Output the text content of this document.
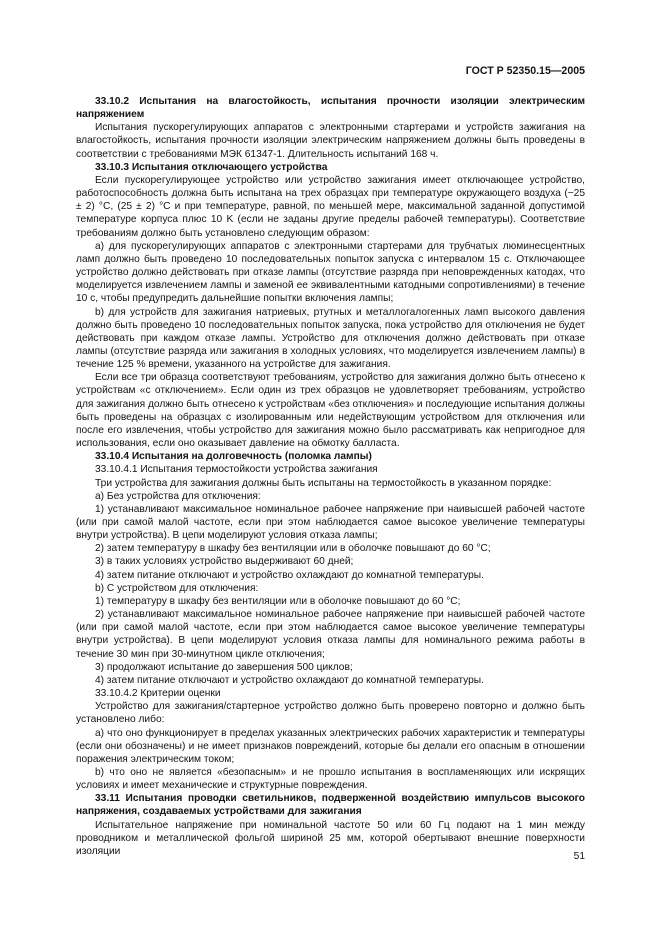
ГОСТ Р 52350.15—2005

33.10.2 Испытания на влагостойкость, испытания прочности изоляции электрическим напряжением

Испытания пускорегулирующих аппаратов с электронными стартерами и устройств зажигания на влагостойкость, испытания прочности изоляции электрическим напряжением должны быть проведены в соответствии с требованиями МЭК 61347-1. Длительность испытаний 168 ч.

33.10.3 Испытания отключающего устройства

Если пускорегулирующее устройство или устройство зажигания имеет отключающее устройство, работоспособность должна быть испытана на трех образцах при температуре окружающего воздуха (−25 ± 2) °C, (25 ± 2) °C и при температуре, равной, по меньшей мере, максимальной заданной допустимой температуре корпуса плюс 10 K (если не заданы другие пределы рабочей температуры). Соответствие требованиям должно быть установлено следующим образом:

a) для пускорегулирующих аппаратов с электронными стартерами для трубчатых люминесцентных ламп должно быть проведено 10 последовательных попыток запуска с интервалом 15 с. Отключающее устройство должно действовать при отказе лампы (отсутствие разряда при неповрежденных катодах, что моделируется извлечением лампы и заменой ее эквивалентными катодными сопротивлениями) в течение 10 с, чтобы предупредить дальнейшие попытки включения лампы;

b) для устройств для зажигания натриевых, ртутных и металлогалогенных ламп высокого давления должно быть проведено 10 последовательных попыток запуска, пока устройство для отключения не будет действовать при каждом отказе лампы. Устройство для отключения должно действовать при отказе лампы (отсутствие разряда или зажигания в холодных условиях, что моделируется извлечением лампы) в течение 125 % времени, указанного на устройстве для зажигания.

Если все три образца соответствуют требованиям, устройство для зажигания должно быть отнесено к устройствам «с отключением». Если один из трех образцов не удовлетворяет требованиям, устройство для зажигания должно быть отнесено к устройствам «без отключения» и последующие испытания должны быть проведены на образцах с изолированным или недействующим устройством для отключения или после его извлечения, чтобы устройство для зажигания можно было рассматривать как непригодное для использования, если оно оказывает давление на обмотку балласта.

33.10.4 Испытания на долговечность (поломка лампы)

33.10.4.1 Испытания термостойкости устройства зажигания

Три устройства для зажигания должны быть испытаны на термостойкость в указанном порядке:

а) Без устройства для отключения:

1) устанавливают максимальное номинальное рабочее напряжение при наивысшей рабочей частоте (или при самой малой частоте, если при этом наблюдается самое высокое увеличение температуры внутри устройства). В цепи моделируют условия отказа лампы;

2) затем температуру в шкафу без вентиляции или в оболочке повышают до 60 °C;

3) в таких условиях устройство выдерживают 60 дней;

4) затем питание отключают и устройство охлаждают до комнатной температуры.

b) С устройством для отключения:

1) температуру в шкафу без вентиляции или в оболочке повышают до 60 °C;

2) устанавливают максимальное номинальное рабочее напряжение при наивысшей рабочей частоте (или при самой малой частоте, если при этом наблюдается самое высокое увеличение температуры внутри устройства). В цепи моделируют условия отказа лампы для номинального режима работы в течение 30 мин при 30-минутном цикле отключения;

3) продолжают испытание до завершения 500 циклов;

4) затем питание отключают и устройство охлаждают до комнатной температуры.

33.10.4.2 Критерии оценки

Устройство для зажигания/стартерное устройство должно быть проверено повторно и должно быть установлено либо:

a) что оно функционирует в пределах указанных электрических рабочих характеристик и температуры (если они обозначены) и не имеет признаков повреждений, которые бы делали его опасным в отношении поражения электрическим током;

b) что оно не является «безопасным» и не прошло испытания в воспламеняющих или искрящих условиях и имеет механические и структурные повреждения.

33.11 Испытания проводки светильников, подверженной воздействию импульсов высокого напряжения, создаваемых устройствами для зажигания

Испытательное напряжение при номинальной частоте 50 или 60 Гц подают на 1 мин между проводником и металлической фольгой шириной 25 мм, которой обертывают внешние поверхности изоляции	51
